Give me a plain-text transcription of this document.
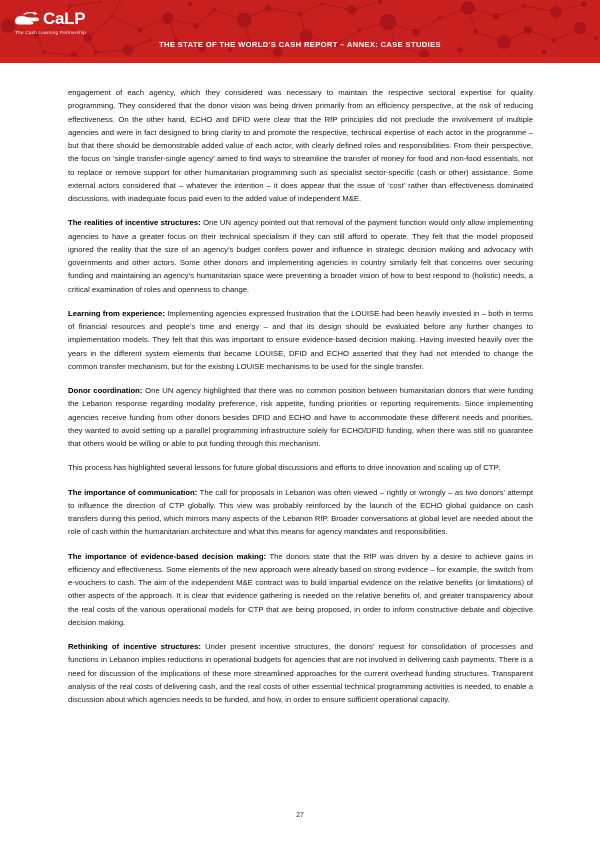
CaLP
The Cash Learning Partnership
THE STATE OF THE WORLD'S CASH REPORT – ANNEX: CASE STUDIES

engagement of each agency, which they considered was necessary to maintain the respective sectoral expertise for quality programming. They considered that the donor vision was being driven primarily from an efficiency perspective, at the risk of reducing effectiveness. On the other hand, ECHO and DFID were clear that the RfP principles did not preclude the involvement of multiple agencies and were in fact designed to bring clarity to and promote the respective, technical expertise of each actor in the programme – but that there should be demonstrable added value of each actor, with clearly defined roles and responsibilities. From their perspective, the focus on ‘single transfer-single agency’ aimed to find ways to streamline the transfer of money for food and non-food essentials, not to replace or remove support for other humanitarian programming such as specialist sector-specific (cash or other) assistance. Some external actors considered that – whatever the intention – it does appear that the issue of ‘cost’ rather than effectiveness dominated discussions, with inadequate focus paid even to the added value of independent M&E.

The realities of incentive structures: One UN agency pointed out that removal of the payment function would only allow implementing agencies to have a greater focus on their technical specialism if they can still afford to operate. They felt that the model proposed ignored the reality that the size of an agency’s budget confers power and influence in strategic decision making and advocacy with governments and other actors. Some other donors and implementing agencies in country similarly felt that concerns over securing funding and maintaining an agency’s humanitarian space were preventing a broader vision of how to best respond to (holistic) needs, a critical examination of roles and openness to change.

Learning from experience: Implementing agencies expressed frustration that the LOUISE had been heavily invested in – both in terms of financial resources and people’s time and energy – and that its design should be evaluated before any further changes to implementation models. They felt that this was important to ensure evidence-based decision making. Having invested heavily over the years in the different system elements that became LOUISE, DFID and ECHO asserted that they had not intended to change the common transfer mechanism, but for the existing LOUISE mechanisms to be used for the single transfer.

Donor coordination: One UN agency highlighted that there was no common position between humanitarian donors that were funding the Lebanon response regarding modality preference, risk appetite, funding priorities or reporting requirements. Since implementing agencies receive funding from other donors besides DFID and ECHO and have to accommodate these different needs and priorities, they wanted to avoid setting up a parallel programming infrastructure solely for ECHO/DFID funding, when there was still no guarantee that others would be willing or able to put funding through this mechanism.

This process has highlighted several lessons for future global discussions and efforts to drive innovation and scaling up of CTP:

The importance of communication: The call for proposals in Lebanon was often viewed – rightly or wrongly – as two donors’ attempt to influence the direction of CTP globally. This view was probably reinforced by the launch of the ECHO global guidance on cash transfers during this period, which mirrors many aspects of the Lebanon RfP. Broader conversations at global level are needed about the role of cash within the humanitarian architecture and what this means for agency mandates and responsibilities.

The importance of evidence-based decision making: The donors state that the RfP was driven by a desire to achieve gains in efficiency and effectiveness. Some elements of the new approach were already based on strong evidence – for example, the switch from e-vouchers to cash. The aim of the independent M&E contract was to build impartial evidence on the relative benefits (or limitations) of other aspects of the approach. It is clear that evidence gathering is needed on the relative benefits of, and greater transparency about the real costs of the various operational models for CTP that are being proposed, in order to inform constructive debate and objective decision making.

Rethinking of incentive structures: Under present incentive structures, the donors’ request for consolidation of processes and functions in Lebanon implies reductions in operational budgets for agencies that are not involved in delivering cash payments. There is a need for discussion of the implications of these more streamlined approaches for the current overhead funding structures. Transparent analysis of the real costs of delivering cash, and the real costs of other essential technical programming activities is needed, to enable a discussion about which agencies needs to be funded, and how, in order to ensure sufficient operational capacity.

27
